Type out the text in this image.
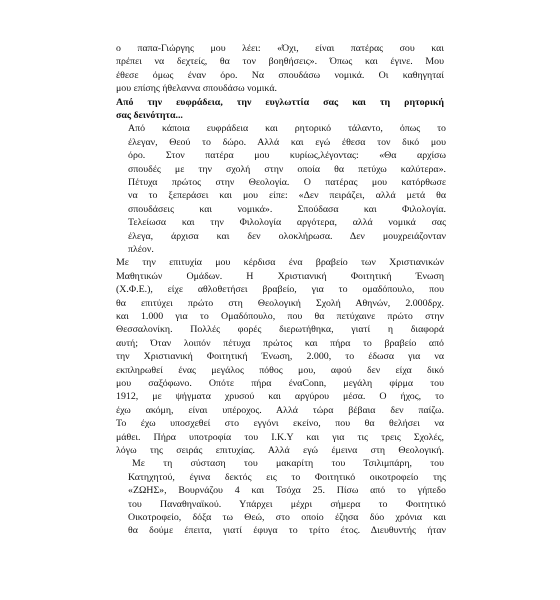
ο παπα-Γιώργης μου λέει: «Όχι, είναι πατέρας σου και
πρέπει να δεχτείς, θα τον βοηθήσεις». Όπως και έγινε. Μου
έθεσε όμως έναν όρο. Να σπουδάσω νομικά. Οι καθηγηταί
μου επίσης ήθελαννα σπουδάσω νομικά.
Από την ευφράδεια, την ευγλωττία σας και τη ρητορική
σας δεινότητα...
Από κάποια ευφράδεια και ρητορικό τάλαντο, όπως το
έλεγαν, Θεού το δώρο. Αλλά και εγώ έθεσα τον δικό μου
όρο. Στον πατέρα μου κυρίως,λέγοντας: «Θα αρχίσω
σπουδές με την σχολή στην οποία θα πετύχω καλύτερα».
Πέτυχα πρώτος στην Θεολογία. Ο πατέρας μου κατόρθωσε
να το ξεπεράσει και μου είπε: «Δεν πειράζει, αλλά μετά θα
σπουδάσεις και νομικά». Σπούδασα και Φιλολογία.
Τελείωσα και την Φιλολογία αργότερα, αλλά νομικά σας
έλεγα, άρχισα και δεν ολοκλήρωσα. Δεν μουχρειάζονταν
πλέον.
Με την επιτυχία μου κέρδισα ένα βραβείο των Χριστιανικών
Μαθητικών Ομάδων. Η Χριστιανική Φοιτητική Ένωση
(Χ.Φ.Ε.), είχε αθλοθετήσει βραβείο, για το ομαδόπουλο, που
θα επιτύχει πρώτο στη Θεολογική Σχολή Αθηνών, 2.000δρχ.
και 1.000 για το Ομαδόπουλο, που θα πετύχαινε πρώτο στην
Θεσσαλονίκη. Πολλές φορές διερωτήθηκα, γιατί η διαφορά
αυτή; Όταν λοιπόν πέτυχα πρώτος και πήρα το βραβείο από
την Χριστιανική Φοιτητική Ένωση, 2.000, το έδωσα για να
εκπληρωθεί ένας μεγάλος πόθος μου, αφού δεν είχα δικό
μου σαξόφωνο. Οπότε πήρα έναConn, μεγάλη φίρμα του
1912, με ψήγματα χρυσού και αργύρου μέσα. Ο ήχος, το
έχω ακόμη, είναι υπέροχος. Αλλά τώρα βέβαια δεν παίζω.
Το έχω υποσχεθεί στο εγγόνι εκείνο, που θα θελήσει να
μάθει. Πήρα υποτροφία του Ι.Κ.Υ και για τις τρεις Σχολές,
λόγω της σειράς επιτυχίας. Αλλά εγώ έμεινα στη Θεολογική.
Με τη σύσταση του μακαρίτη του Τσιλιμπάρη, του
Κατηχητού, έγινα δεκτός εις το Φοιτητικό οικοτροφείο της
«ΖΩΗΣ», Βουρνάζου 4 και Τσόχα 25. Πίσω από το γήπεδο
του Παναθηναϊκού. Υπάρχει μέχρι σήμερα το Φοιτητικό
Οικοτροφείο, δόξα τω Θεώ, στο οποίο έζησα δύο χρόνια και
θα δούμε έπειτα, γιατί έφυγα το τρίτο έτος. Διευθυντής ήταν
